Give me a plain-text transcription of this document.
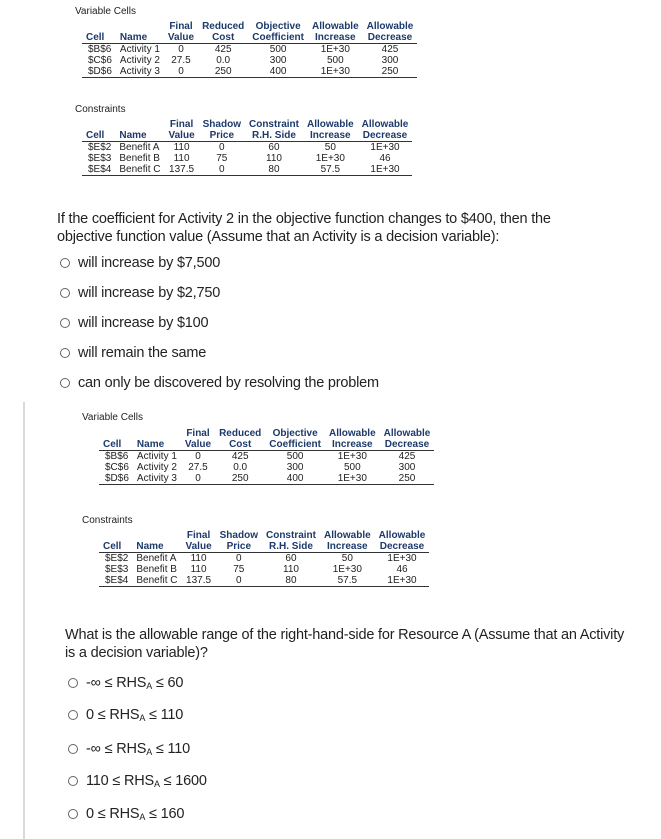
Variable Cells
		Final	Reduced	Objective	Allowable	Allowable
Cell	Name	Value	Cost	Coefficient	Increase	Decrease
$B$6	Activity 1	0	425	500	1E+30	425
$C$6	Activity 2	27.5	0.0	300	500	300
$D$6	Activity 3	0	250	400	1E+30	250
Constraints
		Final	Shadow	Constraint	Allowable	Allowable
Cell	Name	Value	Price	R.H. Side	Increase	Decrease
$E$2	Benefit A	110	0	60	50	1E+30
$E$3	Benefit B	110	75	110	1E+30	46
$E$4	Benefit C	137.5	0	80	57.5	1E+30
If the coefficient for Activity 2 in the objective function changes to $400, then the objective function value (Assume that an Activity is a decision variable):
will increase by $7,500
will increase by $2,750
will increase by $100
will remain the same
can only be discovered by resolving the problem
Variable Cells
		Final	Reduced	Objective	Allowable	Allowable
Cell	Name	Value	Cost	Coefficient	Increase	Decrease
$B$6	Activity 1	0	425	500	1E+30	425
$C$6	Activity 2	27.5	0.0	300	500	300
$D$6	Activity 3	0	250	400	1E+30	250
Constraints
		Final	Shadow	Constraint	Allowable	Allowable
Cell	Name	Value	Price	R.H. Side	Increase	Decrease
$E$2	Benefit A	110	0	60	50	1E+30
$E$3	Benefit B	110	75	110	1E+30	46
$E$4	Benefit C	137.5	0	80	57.5	1E+30
What is the allowable range of the right-hand-side for Resource A (Assume that an Activity is a decision variable)?
-∞
≤
RHS A
≤
60
0
≤
RHS A
≤
110
-∞
≤
RHS A
≤
110
110
≤
RHS A
≤
1600
0
≤
RHS A
≤
160
